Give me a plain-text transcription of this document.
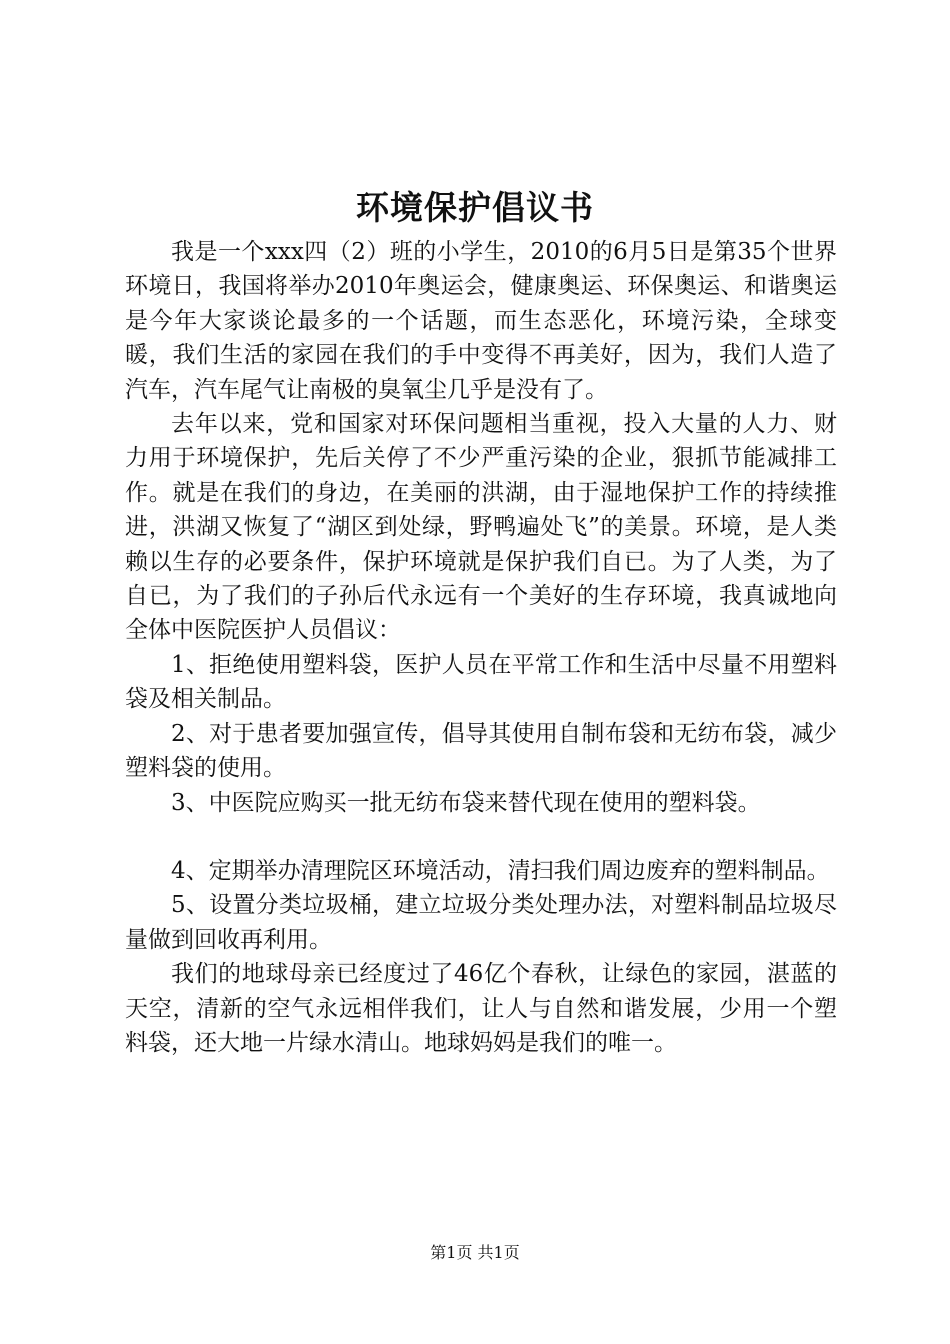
环境保护倡议书

我是一个xxx四（2）班的小学生，2010的6月5日是第35个世界环境日，我国将举办2010年奥运会，健康奥运、环保奥运、和谐奥运是今年大家谈论最多的一个话题，而生态恶化，环境污染，全球变暖，我们生活的家园在我们的手中变得不再美好，因为，我们人造了汽车，汽车尾气让南极的臭氧尘几乎是没有了。

去年以来，党和国家对环保问题相当重视，投入大量的人力、财力用于环境保护，先后关停了不少严重污染的企业，狠抓节能减排工作。就是在我们的身边，在美丽的洪湖，由于湿地保护工作的持续推进，洪湖又恢复了“湖区到处绿，野鸭遍处飞”的美景。环境，是人类赖以生存的必要条件，保护环境就是保护我们自已。为了人类，为了自已，为了我们的子孙后代永远有一个美好的生存环境，我真诚地向全体中医院医护人员倡议：

1、拒绝使用塑料袋，医护人员在平常工作和生活中尽量不用塑料袋及相关制品。

2、对于患者要加强宣传，倡导其使用自制布袋和无纺布袋，减少塑料袋的使用。

3、中医院应购买一批无纺布袋来替代现在使用的塑料袋。

4、定期举办清理院区环境活动，清扫我们周边废弃的塑料制品。

5、设置分类垃圾桶，建立垃圾分类处理办法，对塑料制品垃圾尽量做到回收再利用。

我们的地球母亲已经度过了46亿个春秋，让绿色的家园，湛蓝的天空，清新的空气永远相伴我们，让人与自然和谐发展，少用一个塑料袋，还大地一片绿水清山。地球妈妈是我们的唯一。

第1页 共1页
